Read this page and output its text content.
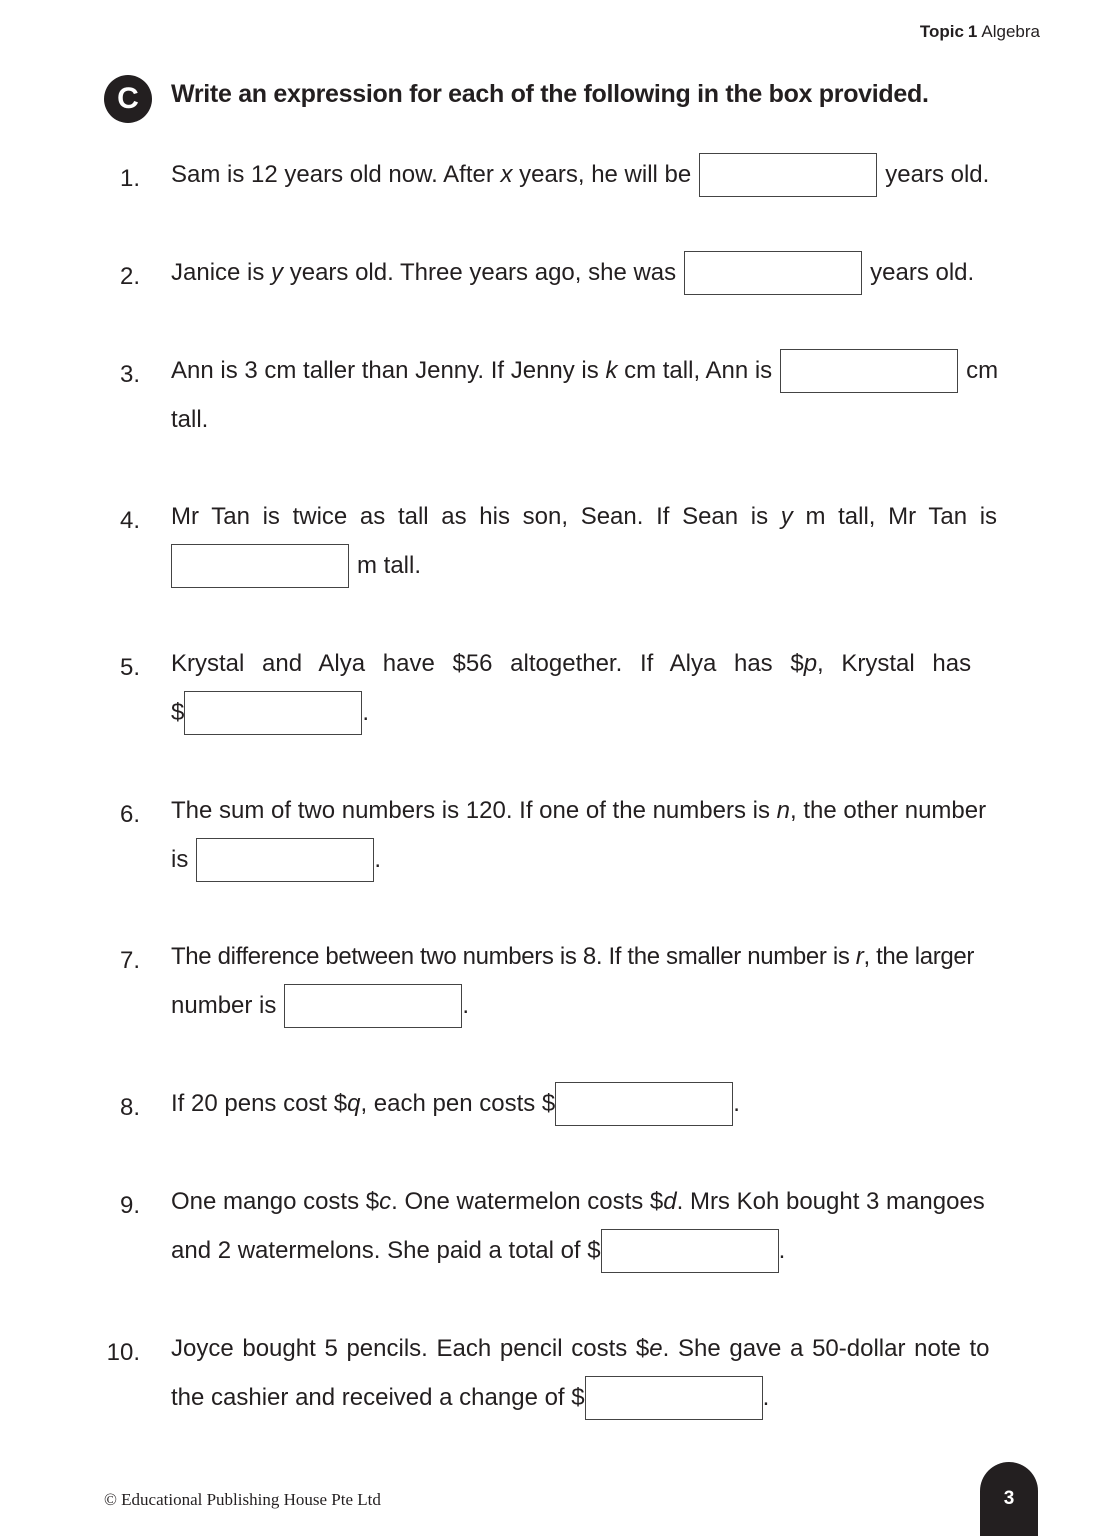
Topic 1 Algebra
C	Write an expression for each of the following in the box provided.
1. Sam is 12 years old now. After x years, he will be	years old.
2. Janice is y years old. Three years ago, she was	years old.
3. Ann is 3 cm taller than Jenny. If Jenny is k cm tall, Ann is	cm
tall.
4. Mr Tan is twice as tall as his son, Sean. If Sean is y m tall, Mr Tan is
m tall.
5. Krystal and Alya have $56 altogether. If Alya has $ p , Krystal has
$	.
6. The sum of two numbers is 120. If one of the numbers is n , the other number
is	.
7. The difference between two numbers is 8. If the smaller number is r , the larger
number is	.
8. If 20 pens cost $ q , each pen costs $	.
9. One mango costs $ c . One watermelon costs $ d . Mrs Koh bought 3 mangoes
and 2 watermelons. She paid a total of $	.
10. Joyce bought 5 pencils. Each pencil costs $ e . She gave a 50-dollar note to
the cashier and received a change of $	.
© Educational Publishing House Pte Ltd	3
